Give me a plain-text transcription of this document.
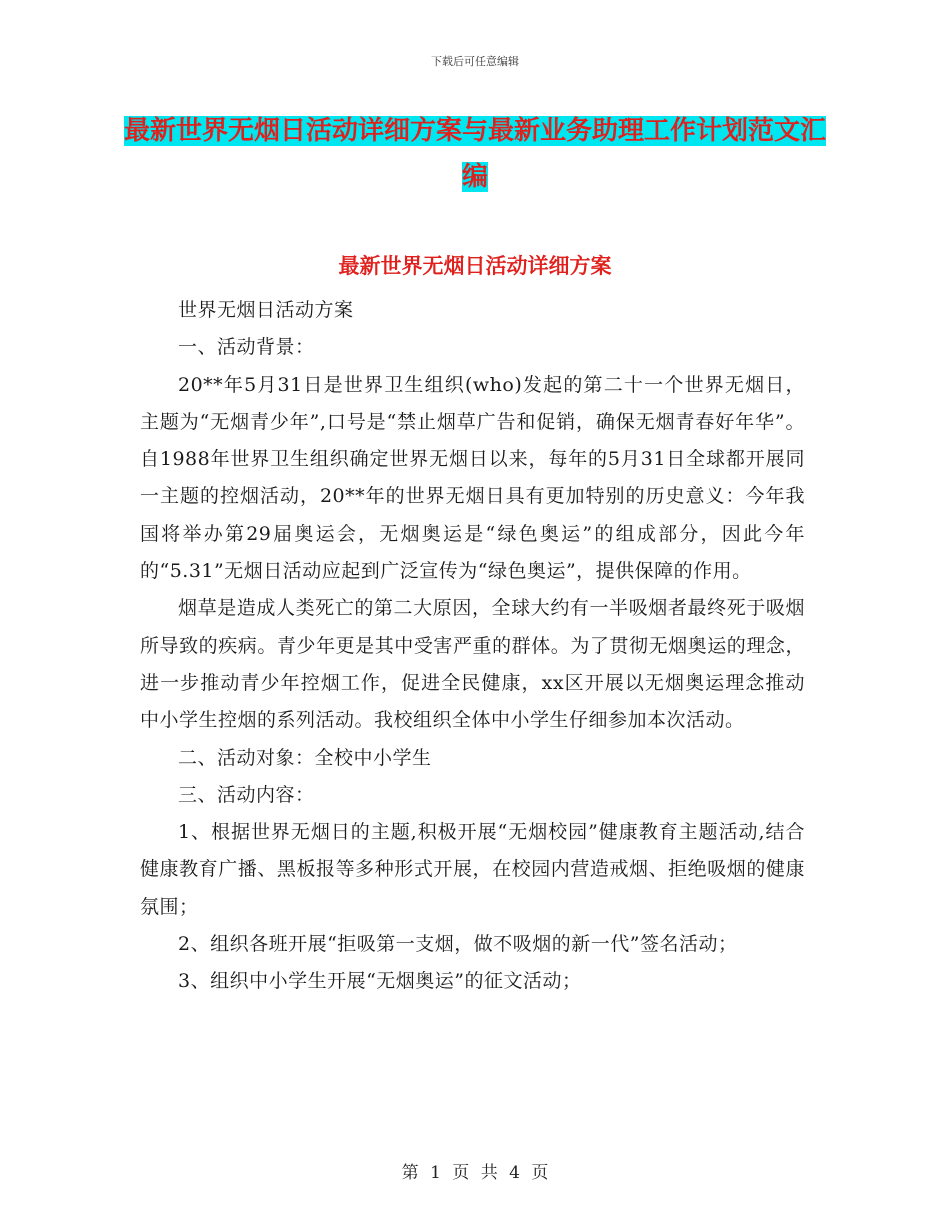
下载后可任意编辑
最新世界无烟日活动详细方案与最新业务助理工作计划范文汇编
最新世界无烟日活动详细方案

世界无烟日活动方案

一、活动背景：

20**年5月31日是世界卫生组织(who)发起的第二十一个世界无烟日，主题为“无烟青少年”,口号是“禁止烟草广告和促销，确保无烟青春好年华”。 自1988年世界卫生组织确定世界无烟日以来，每年的5月31日全球都开展同一主题的控烟活动，20**年的世界无烟日具有更加特别的历史意义：今年我国将举办第29届奥运会，无烟奥运是“绿色奥运”的组成部分，因此今年的“5.31”无烟日活动应起到广泛宣传为“绿色奥运”，提供保障的作用。

烟草是造成人类死亡的第二大原因，全球大约有一半吸烟者最终死于吸烟所导致的疾病。青少年更是其中受害严重的群体。为了贯彻无烟奥运的理念，进一步推动青少年控烟工作，促进全民健康，xx区开展以无烟奥运理念推动中小学生控烟的系列活动。我校组织全体中小学生仔细参加本次活动。

二、活动对象：全校中小学生

三、活动内容：

1、根据世界无烟日的主题,积极开展“无烟校园”健康教育主题活动,结合健康教育广播、黑板报等多种形式开展，在校园内营造戒烟、拒绝吸烟的健康氛围；

2、组织各班开展“拒吸第一支烟，做不吸烟的新一代”签名活动；

3、组织中小学生开展“无烟奥运”的征文活动；

第 1 页 共 4 页
